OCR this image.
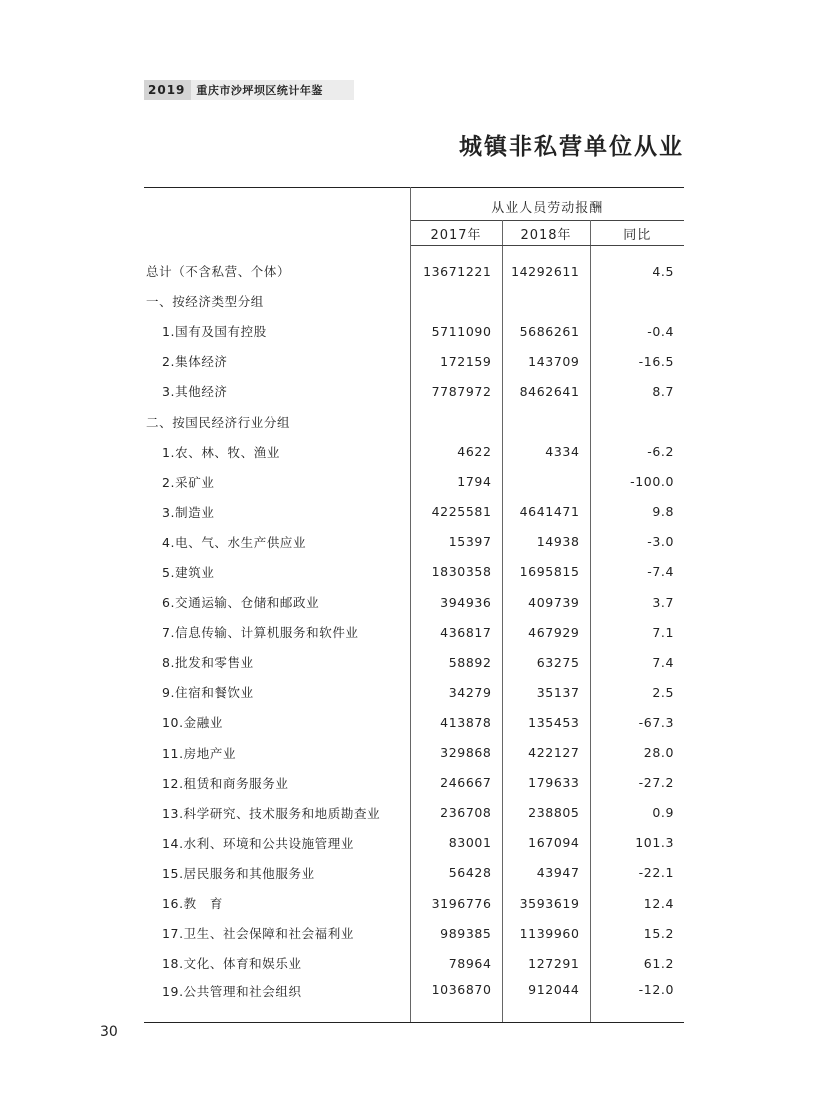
2019	重庆市沙坪坝区统计年鉴
城镇非私营单位从业
	从业人员劳动报酬		
	2017年	2018年	同比

总计（不含私营、个体）	13671221	14292611	4.5
一、按经济类型分组			
1.国有及国有控股	5711090	5686261	-0.4
2.集体经济	172159	143709	-16.5
3.其他经济	7787972	8462641	8.7
二、按国民经济行业分组			
1.农、林、牧、渔业	4622	4334	-6.2
2.采矿业	1794		-100.0
3.制造业	4225581	4641471	9.8
4.电、气、水生产供应业	15397	14938	-3.0
5.建筑业	1830358	1695815	-7.4
6.交通运输、仓储和邮政业	394936	409739	3.7
7.信息传输、计算机服务和软件业	436817	467929	7.1
8.批发和零售业	58892	63275	7.4
9.住宿和餐饮业	34279	35137	2.5
10.金融业	413878	135453	-67.3
11.房地产业	329868	422127	28.0
12.租赁和商务服务业	246667	179633	-27.2
13.科学研究、技术服务和地质勘查业	236708	238805	0.9
14.水利、环境和公共设施管理业	83001	167094	101.3
15.居民服务和其他服务业	56428	43947	-22.1
16.教　育	3196776	3593619	12.4
17.卫生、社会保障和社会福利业	989385	1139960	15.2
18.文化、体育和娱乐业	78964	127291	61.2
19.公共管理和社会组织	1036870	912044	-12.0
30
